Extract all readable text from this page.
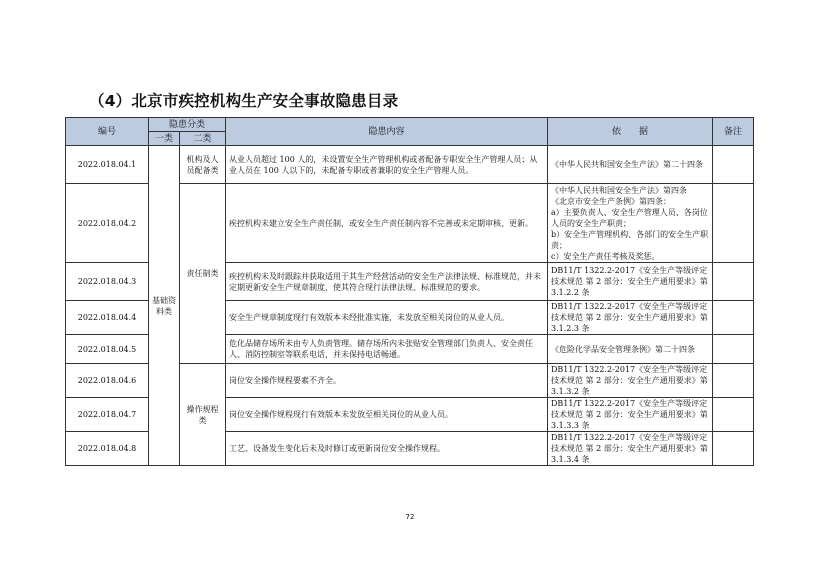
（4）北京市疾控机构生产安全事故隐患目录
编号	隐患分类		隐患内容	依　　据	备注
	一类	二类			
2022.018.04.1	基础资料类	机构及人员配备类	从业人员超过 100 人的，未设置安全生产管理机构或者配备专职安全生产管理人员；从业人员在 100 人以下的，未配备专职或者兼职的安全生产管理人员。	《中华人民共和国安全生产法》第二十四条	

2022.018.04.2		责任制类	疾控机构未建立安全生产责任制，或安全生产责任制内容不完善或未定期审核、更新。	《中华人民共和国安全生产法》第四条
《北京市安全生产条例》第四条：
a）主要负责人、安全生产管理人员、各岗位人员的安全生产职责；
b）安全生产管理机构、各部门的安全生产职责；
c）安全生产责任考核及奖惩。	

2022.018.04.3			疾控机构未及时跟踪并获取适用于其生产经营活动的安全生产法律法规、标准规范，并未定期更新安全生产规章制度，使其符合现行法律法规、标准规范的要求。	DB11/T 1322.2-2017《安全生产等级评定技术规范 第 2 部分：安全生产通用要求》第 3.1.2.2 条	

2022.018.04.4			安全生产规章制度现行有效版本未经批准实施，未发放至相关岗位的从业人员。	DB11/T 1322.2-2017《安全生产等级评定技术规范 第 2 部分：安全生产通用要求》第 3.1.2.3 条	

2022.018.04.5			危化品储存场所未由专人负责管理。储存场所内未张贴安全管理部门负责人、安全责任人、消防控制室等联系电话，并未保持电话畅通。	《危险化学品安全管理条例》第二十四条	

2022.018.04.6		操作规程类	岗位安全操作规程要素不齐全。	DB11/T 1322.2-2017《安全生产等级评定技术规范 第 2 部分：安全生产通用要求》第 3.1.3.2 条	

2022.018.04.7			岗位安全操作规程现行有效版本未发放至相关岗位的从业人员。	DB11/T 1322.2-2017《安全生产等级评定技术规范 第 2 部分：安全生产通用要求》第 3.1.3.3 条	

2022.018.04.8			工艺、设备发生变化后未及时修订或更新岗位安全操作规程。	DB11/T 1322.2-2017《安全生产等级评定技术规范 第 2 部分：安全生产通用要求》第 3.1.3.4 条	

72
